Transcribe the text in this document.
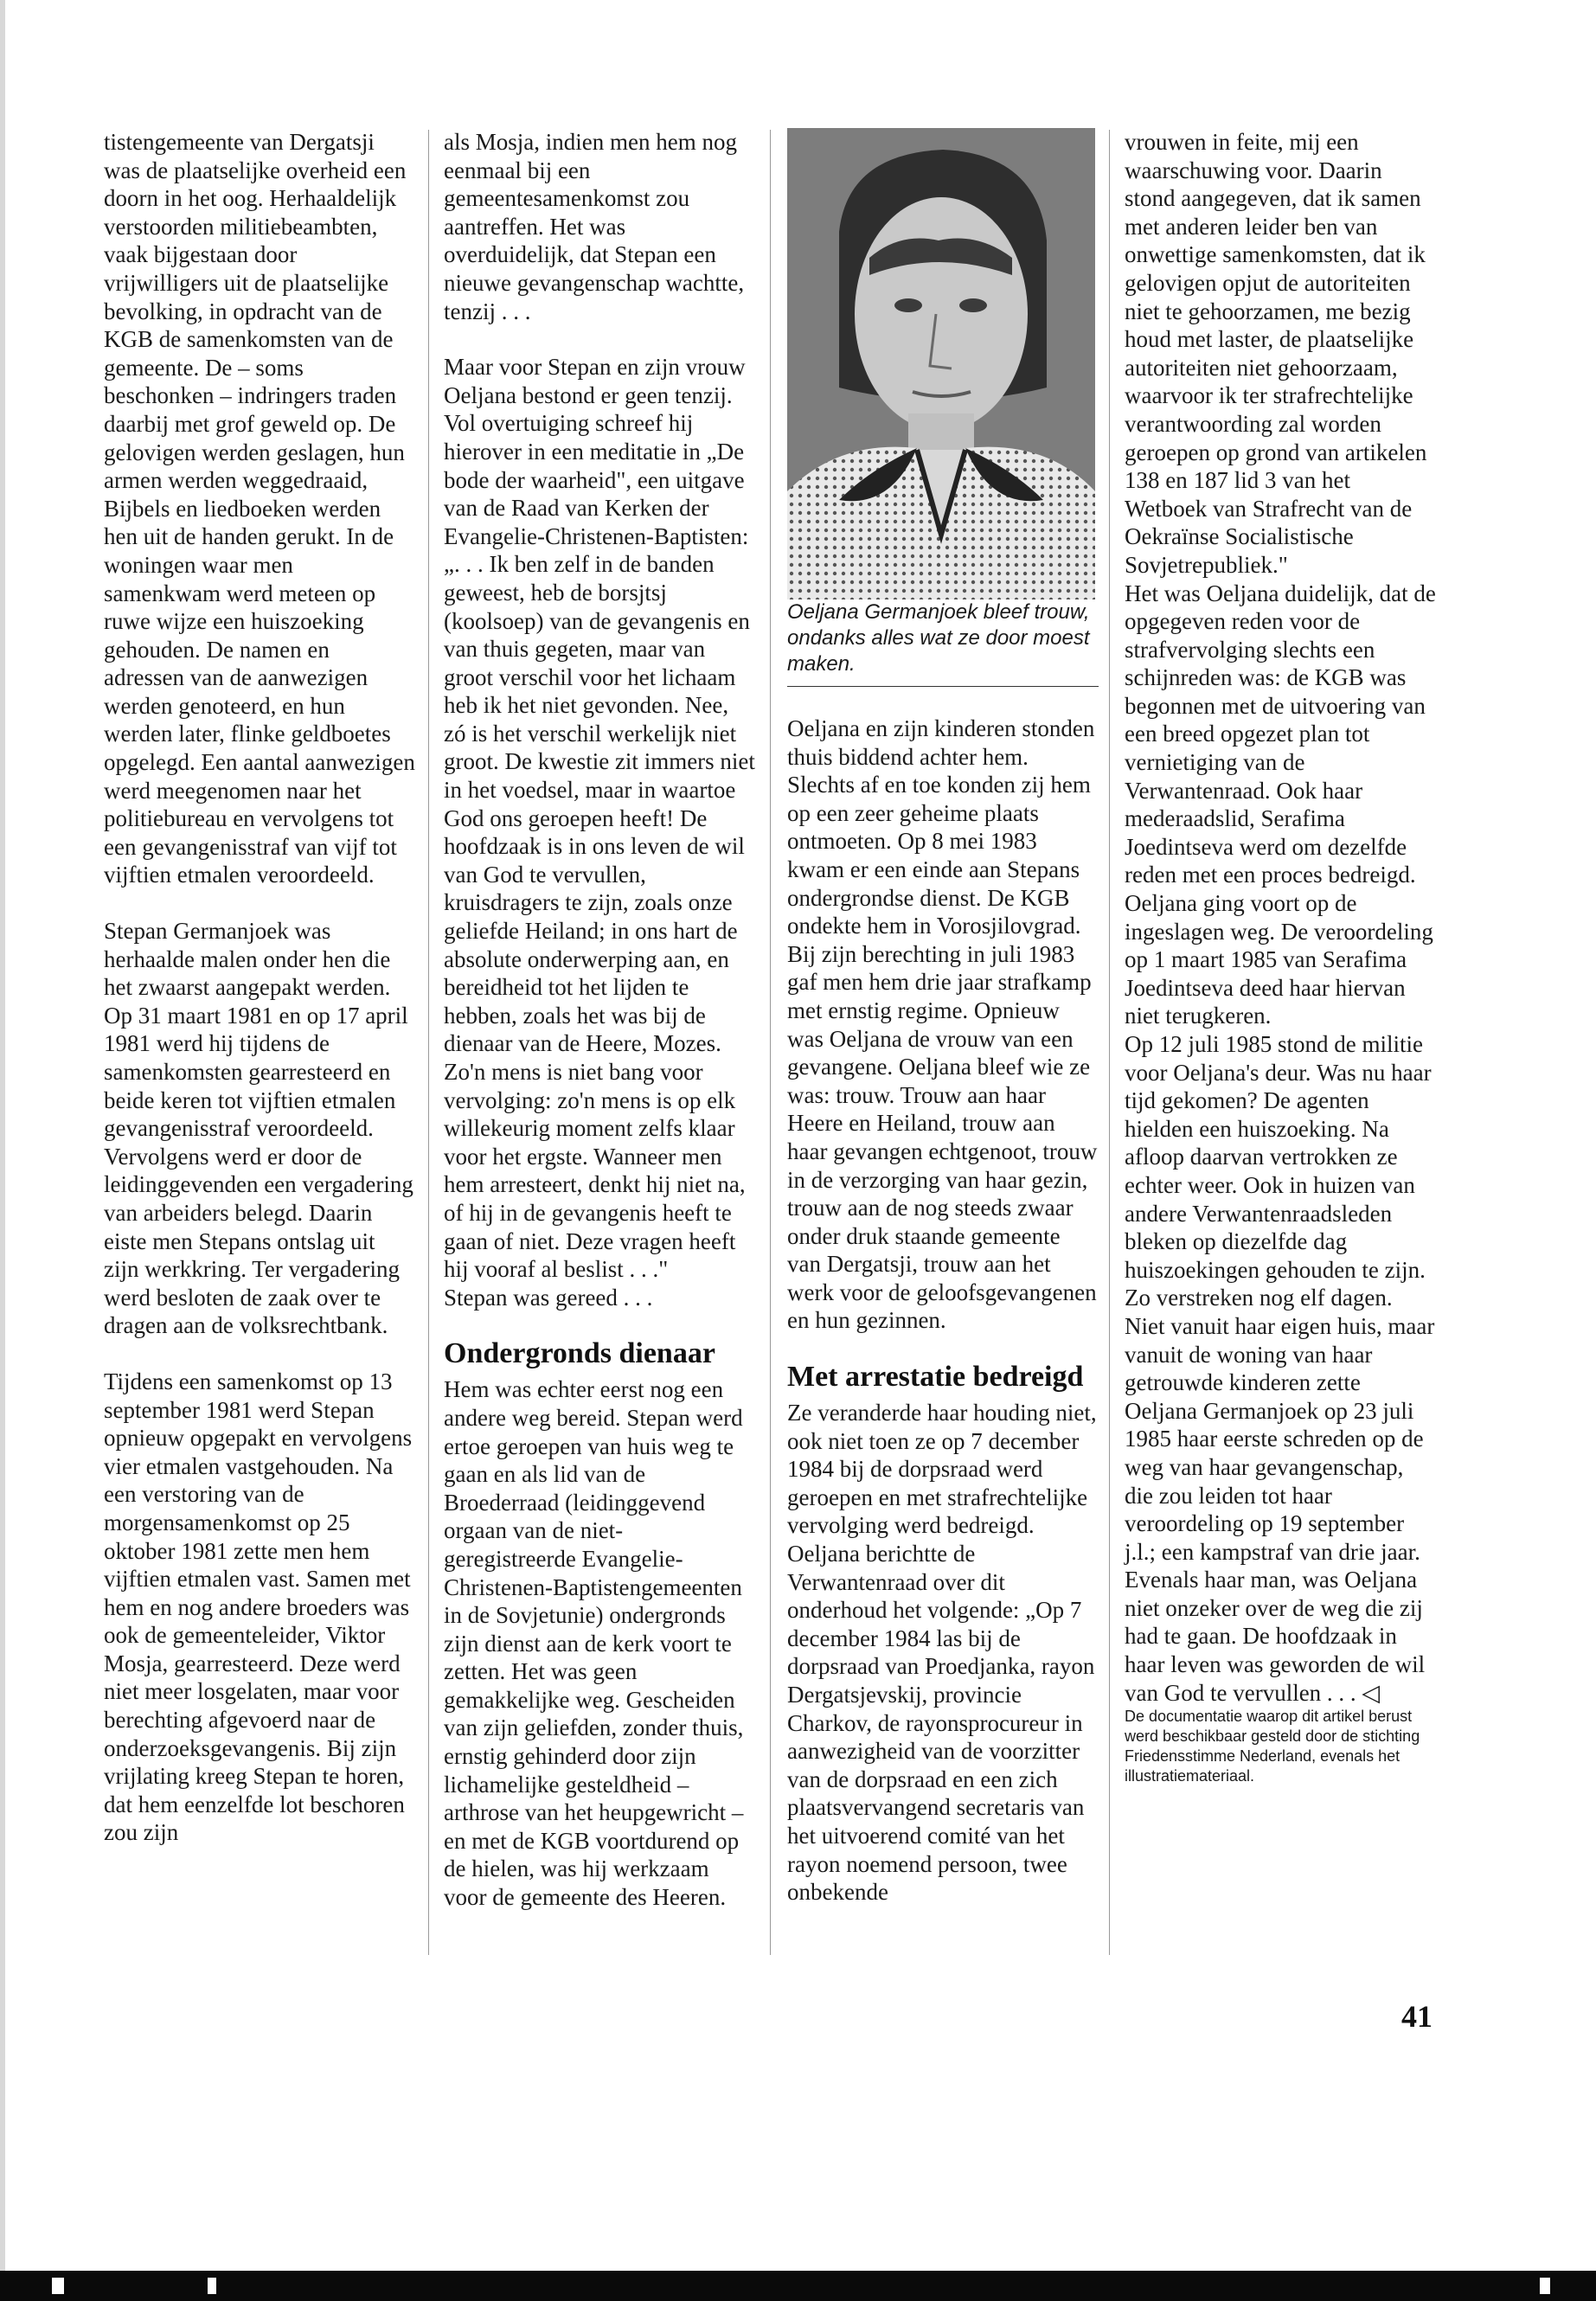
tistengemeente van Dergatsji was de plaatselijke overheid een doorn in het oog. Herhaaldelijk verstoorden militiebeambten, vaak bijgestaan door vrijwilligers uit de plaatselijke bevolking, in opdracht van de KGB de samenkomsten van de gemeente. De – soms beschonken – indringers traden daarbij met grof geweld op. De gelovigen werden geslagen, hun armen werden weggedraaid, Bijbels en liedboeken werden hen uit de handen gerukt. In de woningen waar men samenkwam werd meteen op ruwe wijze een huiszoeking gehouden. De namen en adressen van de aanwezigen werden genoteerd, en hun werden later, flinke geldboetes opgelegd. Een aantal aanwezigen werd meegenomen naar het politiebureau en vervolgens tot een gevangenisstraf van vijf tot vijftien etmalen veroordeeld.

Stepan Germanjoek was herhaalde malen onder hen die het zwaarst aangepakt werden. Op 31 maart 1981 en op 17 april 1981 werd hij tijdens de samenkomsten gearresteerd en beide keren tot vijftien etmalen gevangenisstraf veroordeeld. Vervolgens werd er door de leidinggevenden een vergadering van arbeiders belegd. Daarin eiste men Stepans ontslag uit zijn werkkring. Ter vergadering werd besloten de zaak over te dragen aan de volksrechtbank.

Tijdens een samenkomst op 13 september 1981 werd Stepan opnieuw opgepakt en vervolgens vier etmalen vastgehouden. Na een verstoring van de morgensamenkomst op 25 oktober 1981 zette men hem vijftien etmalen vast. Samen met hem en nog andere broeders was ook de gemeenteleider, Viktor Mosja, gearresteerd. Deze werd niet meer losgelaten, maar voor berechting afgevoerd naar de onderzoeksgevangenis. Bij zijn vrijlating kreeg Stepan te horen, dat hem eenzelfde lot beschoren zou zijn

als Mosja, indien men hem nog eenmaal bij een gemeentesamenkomst zou aantreffen. Het was overduidelijk, dat Stepan een nieuwe gevangenschap wachtte, tenzij . . .

Maar voor Stepan en zijn vrouw Oeljana bestond er geen tenzij. Vol overtuiging schreef hij hierover in een meditatie in „De bode der waarheid", een uitgave van de Raad van Kerken der Evangelie-Christenen-Baptisten: „. . . Ik ben zelf in de banden geweest, heb de borsjtsj (koolsoep) van de gevangenis en van thuis gegeten, maar van groot verschil voor het lichaam heb ik het niet gevonden. Nee, zó is het verschil werkelijk niet groot. De kwestie zit immers niet in het voedsel, maar in waartoe God ons geroepen heeft! De hoofdzaak is in ons leven de wil van God te vervullen, kruisdragers te zijn, zoals onze geliefde Heiland; in ons hart de absolute onderwerping aan, en bereidheid tot het lijden te hebben, zoals het was bij de dienaar van de Heere, Mozes. Zo'n mens is niet bang voor vervolging: zo'n mens is op elk willekeurig moment zelfs klaar voor het ergste. Wanneer men hem arresteert, denkt hij niet na, of hij in de gevangenis heeft te gaan of niet. Deze vragen heeft hij vooraf al beslist . . ."

Stepan was gereed . . .

Ondergronds dienaar

Hem was echter eerst nog een andere weg bereid. Stepan werd ertoe geroepen van huis weg te gaan en als lid van de Broederraad (leidinggevend orgaan van de niet-geregistreerde Evangelie-Christenen-Baptistengemeenten in de Sovjetunie) ondergronds zijn dienst aan de kerk voort te zetten. Het was geen gemakkelijke weg. Gescheiden van zijn geliefden, zonder thuis, ernstig gehinderd door zijn lichamelijke gesteldheid – arthrose van het heupgewricht – en met de KGB voortdurend op de hielen, was hij werkzaam voor de gemeente des Heeren.

Oeljana Germanjoek bleef trouw, ondanks alles wat ze door moest maken.

Oeljana en zijn kinderen stonden thuis biddend achter hem. Slechts af en toe konden zij hem op een zeer geheime plaats ontmoeten. Op 8 mei 1983 kwam er een einde aan Stepans ondergrondse dienst. De KGB ondekte hem in Vorosjilovgrad. Bij zijn berechting in juli 1983 gaf men hem drie jaar strafkamp met ernstig regime. Opnieuw was Oeljana de vrouw van een gevangene. Oeljana bleef wie ze was: trouw. Trouw aan haar Heere en Heiland, trouw aan haar gevangen echtgenoot, trouw in de verzorging van haar gezin, trouw aan de nog steeds zwaar onder druk staande gemeente van Dergatsji, trouw aan het werk voor de geloofsgevangenen en hun gezinnen.

Met arrestatie bedreigd

Ze veranderde haar houding niet, ook niet toen ze op 7 december 1984 bij de dorpsraad werd geroepen en met strafrechtelijke vervolging werd bedreigd. Oeljana berichtte de Verwantenraad over dit onderhoud het volgende: „Op 7 december 1984 las bij de dorpsraad van Proedjanka, rayon Dergatsjevskij, provincie Charkov, de rayonsprocureur in aanwezigheid van de voorzitter van de dorpsraad en een zich plaatsvervangend secretaris van het uitvoerend comité van het rayon noemend persoon, twee onbekende

vrouwen in feite, mij een waarschuwing voor. Daarin stond aangegeven, dat ik samen met anderen leider ben van onwettige samenkomsten, dat ik gelovigen opjut de autoriteiten niet te gehoorzamen, me bezig houd met laster, de plaatselijke autoriteiten niet gehoorzaam, waarvoor ik ter strafrechtelijke verantwoording zal worden geroepen op grond van artikelen 138 en 187 lid 3 van het Wetboek van Strafrecht van de Oekraïnse Socialistische Sovjetrepubliek."

Het was Oeljana duidelijk, dat de opgegeven reden voor de strafvervolging slechts een schijnreden was: de KGB was begonnen met de uitvoering van een breed opgezet plan tot vernietiging van de Verwantenraad. Ook haar mederaadslid, Serafima Joedintseva werd om dezelfde reden met een proces bedreigd. Oeljana ging voort op de ingeslagen weg. De veroordeling op 1 maart 1985 van Serafima Joedintseva deed haar hiervan niet terugkeren.

Op 12 juli 1985 stond de militie voor Oeljana's deur. Was nu haar tijd gekomen? De agenten hielden een huiszoeking. Na afloop daarvan vertrokken ze echter weer. Ook in huizen van andere Verwantenraadsleden bleken op diezelfde dag huiszoekingen gehouden te zijn.

Zo verstreken nog elf dagen. Niet vanuit haar eigen huis, maar vanuit de woning van haar getrouwde kinderen zette Oeljana Germanjoek op 23 juli 1985 haar eerste schreden op de weg van haar gevangenschap, die zou leiden tot haar veroordeling op 19 september j.l.; een kampstraf van drie jaar. Evenals haar man, was Oeljana niet onzeker over de weg die zij had te gaan. De hoofdzaak in haar leven was geworden de wil van God te vervullen . . . ◁

De documentatie waarop dit artikel berust werd beschikbaar gesteld door de stichting Friedensstimme Nederland, evenals het illustratiemateriaal.

41
